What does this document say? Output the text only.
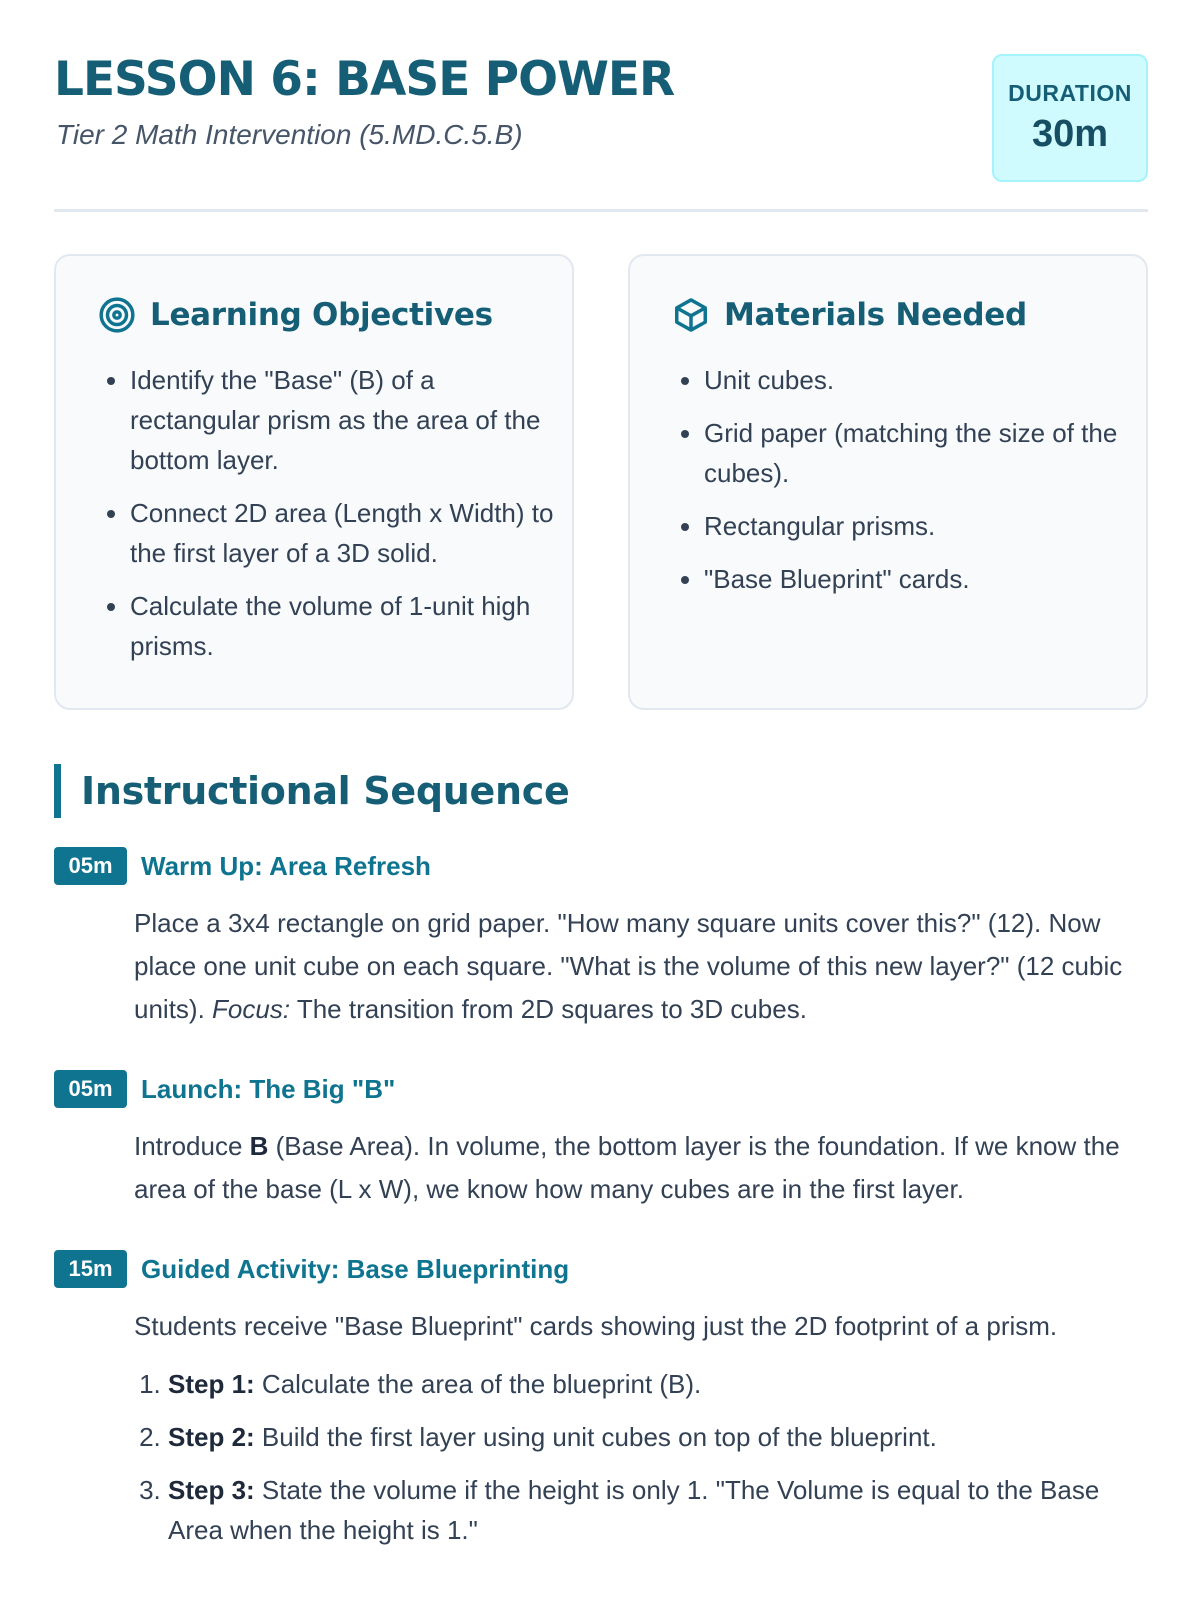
LESSON 6: BASE POWER

Tier 2 Math Intervention (5.MD.C.5.B)

DURATION
30m
Learning Objectives
• Identify the "Base" (B) of a rectangular prism as the area of the bottom layer.
• Connect 2D area (Length x Width) to the first layer of a 3D solid.
• Calculate the volume of 1-unit high prisms.
Materials Needed
• Unit cubes.
• Grid paper (matching the size of the cubes).
• Rectangular prisms.
• "Base Blueprint" cards.
Instructional Sequence
05m	Warm Up: Area Refresh
Place a 3x4 rectangle on grid paper. "How many square units cover this?" (12). Now place one unit cube on each square. "What is the volume of this new layer?" (12 cubic units). Focus: The transition from 2D squares to 3D cubes.
05m	Launch: The Big "B"
Introduce B (Base Area). In volume, the bottom layer is the foundation. If we know the area of the base (L x W), we know how many cubes are in the first layer.
15m	Guided Activity: Base Blueprinting
Students receive "Base Blueprint" cards showing just the 2D footprint of a prism.
1. Step 1: Calculate the area of the blueprint (B).
2. Step 2: Build the first layer using unit cubes on top of the blueprint.
3. Step 3: State the volume if the height is only 1. "The Volume is equal to the Base Area when the height is 1."
